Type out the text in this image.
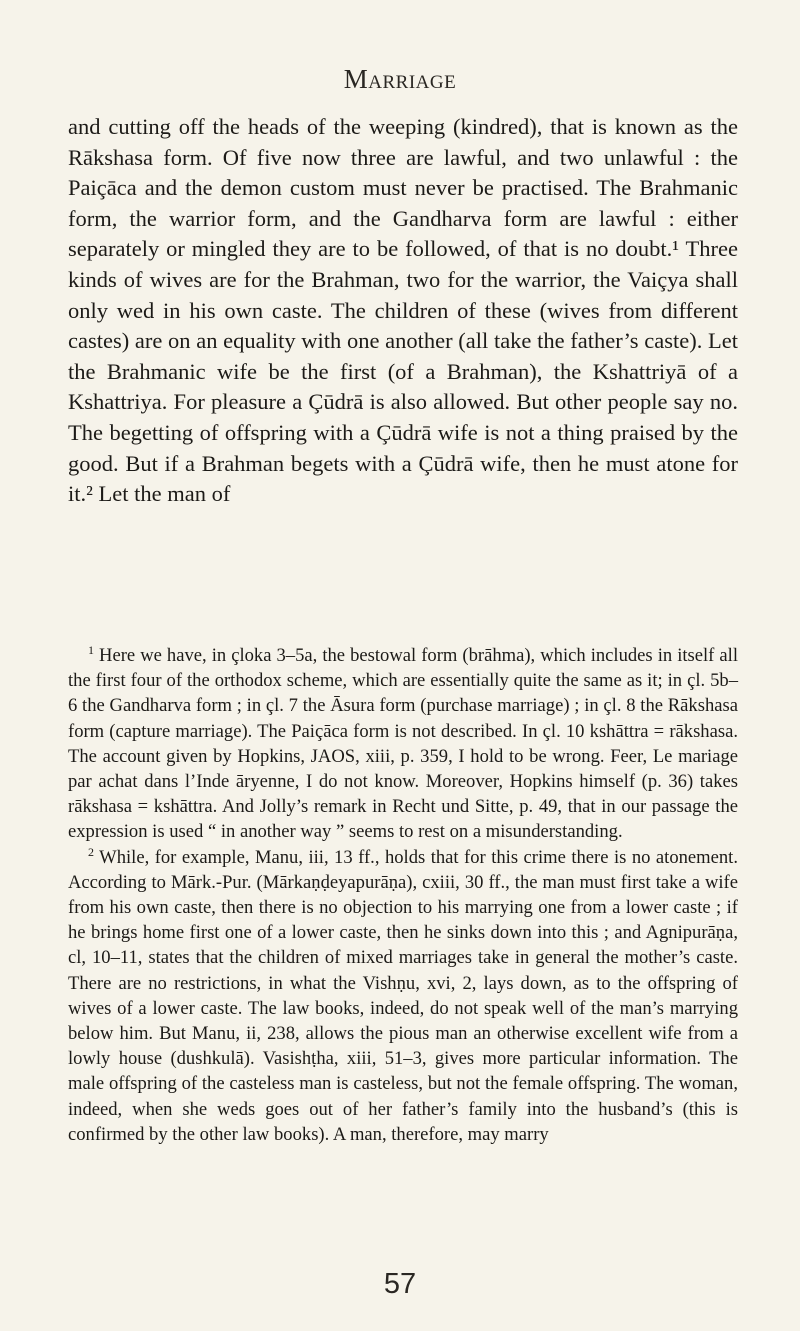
Marriage

and cutting off the heads of the weeping (kindred), that is known as the Rākshasa form. Of five now three are lawful, and two unlawful : the Paiçāca and the demon custom must never be practised. The Brahmanic form, the warrior form, and the Gandharva form are lawful : either separately or mingled they are to be followed, of that is no doubt.¹ Three kinds of wives are for the Brahman, two for the warrior, the Vaiçya shall only wed in his own caste. The children of these (wives from different castes) are on an equality with one another (all take the father’s caste). Let the Brahmanic wife be the first (of a Brahman), the Kshattriyā of a Kshattriya. For pleasure a Çūdrā is also allowed. But other people say no. The begetting of offspring with a Çūdrā wife is not a thing praised by the good. But if a Brahman begets with a Çūdrā wife, then he must atone for it.² Let the man of

$^1$ Here we have, in çloka 3–5a, the bestowal form (brāhma), which includes in itself all the first four of the orthodox scheme, which are essentially quite the same as it; in çl. 5b–6 the Gandharva form ; in çl. 7 the Āsura form (purchase marriage) ; in çl. 8 the Rākshasa form (capture marriage). The Paiçāca form is not described. In çl. 10 kshāttra = rākshasa. The account given by Hopkins, JAOS, xiii, p. 359, I hold to be wrong. Feer, Le mariage par achat dans l’Inde āryenne, I do not know. Moreover, Hopkins himself (p. 36) takes rākshasa = kshāttra. And Jolly’s remark in Recht und Sitte, p. 49, that in our passage the expression is used “ in another way ” seems to rest on a misunderstanding.

$^2$ While, for example, Manu, iii, 13 ff., holds that for this crime there is no atonement. According to Mārk.-Pur. (Mārkaṇḍeyapurāṇa), cxiii, 30 ff., the man must first take a wife from his own caste, then there is no objection to his marrying one from a lower caste ; if he brings home first one of a lower caste, then he sinks down into this ; and Agnipurāṇa, cl, 10–11, states that the children of mixed marriages take in general the mother’s caste. There are no restrictions, in what the Vishṇu, xvi, 2, lays down, as to the offspring of wives of a lower caste. The law books, indeed, do not speak well of the man’s marrying below him. But Manu, ii, 238, allows the pious man an otherwise excellent wife from a lowly house (dushkulā). Vasishṭha, xiii, 51–3, gives more particular information. The male offspring of the casteless man is casteless, but not the female offspring. The woman, indeed, when she weds goes out of her father’s family into the husband’s (this is confirmed by the other law books). A man, therefore, may marry

57
